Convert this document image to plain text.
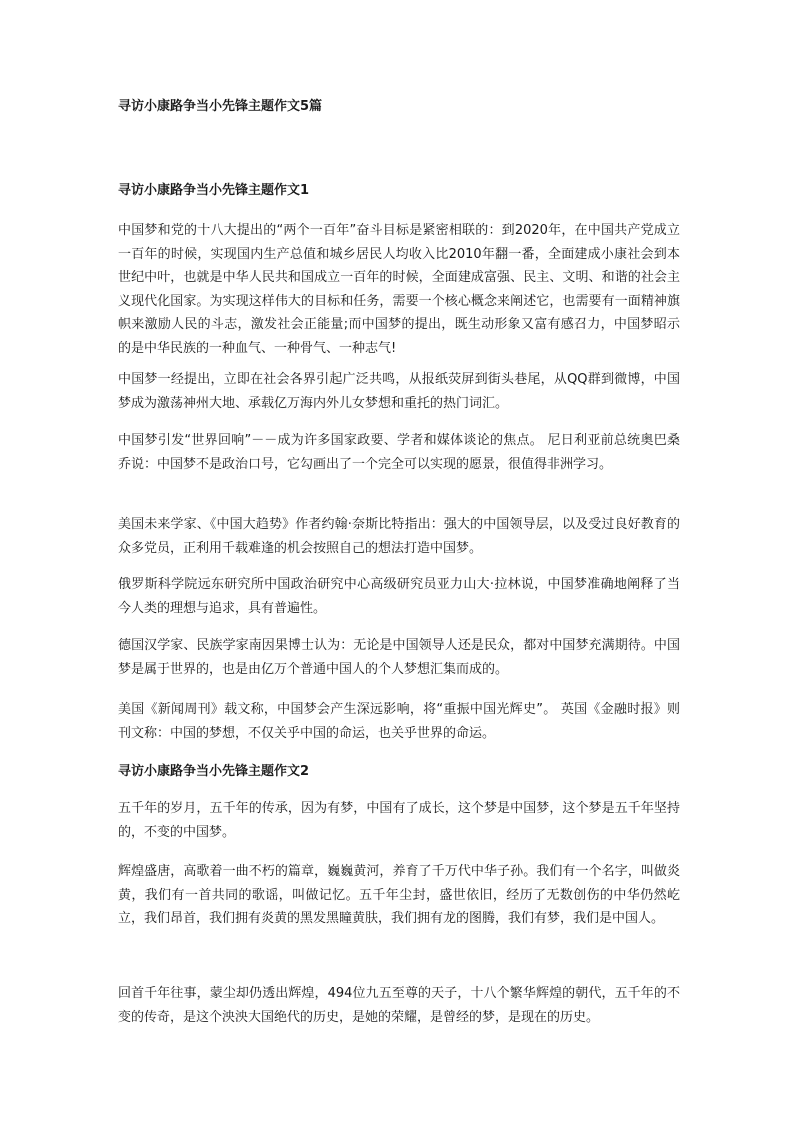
寻访小康路争当小先锋主题作文5篇
寻访小康路争当小先锋主题作文1

中国梦和党的十八大提出的“两个一百年”奋斗目标是紧密相联的：到2020年，在中国共产党成立一百年的时候，实现国内生产总值和城乡居民人均收入比2010年翻一番，全面建成小康社会到本世纪中叶，也就是中华人民共和国成立一百年的时候，全面建成富强、民主、文明、和谐的社会主义现代化国家。为实现这样伟大的目标和任务，需要一个核心概念来阐述它，也需要有一面精神旗帜来激励人民的斗志，激发社会正能量;而中国梦的提出，既生动形象又富有感召力，中国梦昭示的是中华民族的一种血气、一种骨气、一种志气!

中国梦一经提出，立即在社会各界引起广泛共鸣，从报纸荧屏到街头巷尾，从QQ群到微博，中国梦成为激荡神州大地、承载亿万海内外儿女梦想和重托的热门词汇。

中国梦引发“世界回响”－－成为许多国家政要、学者和媒体谈论的焦点。 尼日利亚前总统奥巴桑乔说：中国梦不是政治口号，它勾画出了一个完全可以实现的愿景，很值得非洲学习。

美国未来学家、《中国大趋势》作者约翰·奈斯比特指出：强大的中国领导层，以及受过良好教育的众多党员，正利用千载难逢的机会按照自己的想法打造中国梦。

俄罗斯科学院远东研究所中国政治研究中心高级研究员亚力山大·拉林说，中国梦准确地阐释了当今人类的理想与追求，具有普遍性。

德国汉学家、民族学家南因果博士认为：无论是中国领导人还是民众，都对中国梦充满期待。中国梦是属于世界的，也是由亿万个普通中国人的个人梦想汇集而成的。

美国《新闻周刊》载文称，中国梦会产生深远影响，将“重振中国光辉史”。 英国《金融时报》则刊文称：中国的梦想，不仅关乎中国的命运，也关乎世界的命运。

寻访小康路争当小先锋主题作文2

五千年的岁月，五千年的传承，因为有梦，中国有了成长，这个梦是中国梦，这个梦是五千年坚持的，不变的中国梦。

辉煌盛唐，高歌着一曲不朽的篇章，巍巍黄河，养育了千万代中华子孙。我们有一个名字，叫做炎黄，我们有一首共同的歌谣，叫做记忆。五千年尘封，盛世依旧，经历了无数创伤的中华仍然屹立，我们昂首，我们拥有炎黄的黑发黑瞳黄肤，我们拥有龙的图腾，我们有梦，我们是中国人。

回首千年往事，蒙尘却仍透出辉煌，494位九五至尊的天子，十八个繁华辉煌的朝代，五千年的不变的传奇，是这个泱泱大国绝代的历史，是她的荣耀，是曾经的梦，是现在的历史。
